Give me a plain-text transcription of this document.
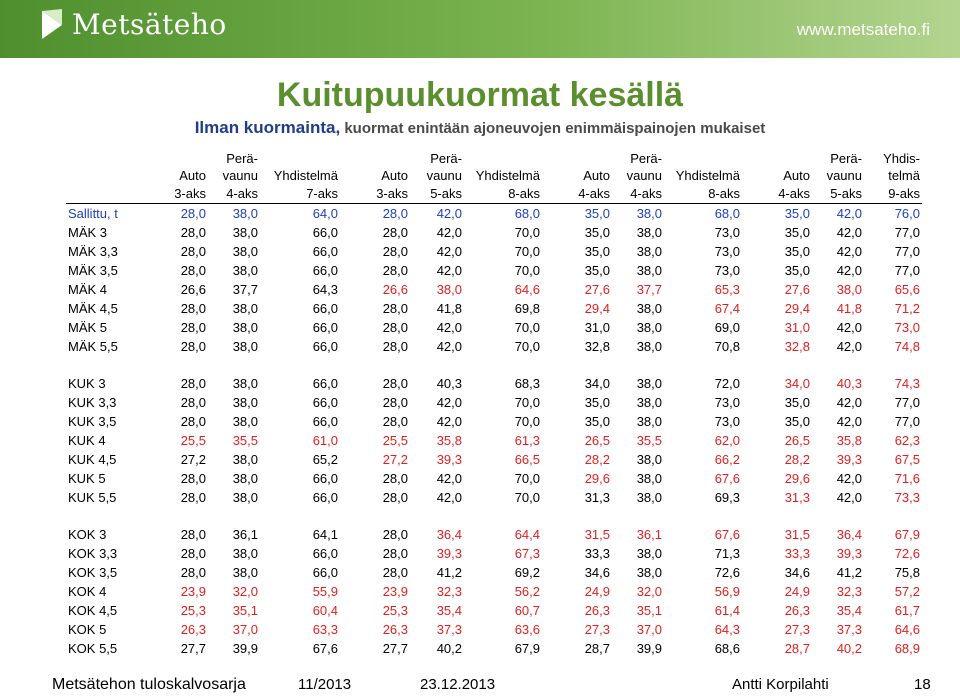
Metsäteho	www.metsateho.fi
Kuitupuukuormat kesällä
Ilman kuormainta, kuormat enintään ajoneuvojen enimmäispainojen mukaiset
		Perä-			Perä-			Perä-			Perä-	Yhdis-
	Auto	vaunu	Yhdistelmä	Auto	vaunu	Yhdistelmä	Auto	vaunu	Yhdistelmä	Auto	vaunu	telmä
	3-aks	4-aks	7-aks	3-aks	5-aks	8-aks	4-aks	4-aks	8-aks	4-aks	5-aks	9-aks
Sallittu, t	28,0	38,0	64,0	28,0	42,0	68,0	35,0	38,0	68,0	35,0	42,0	76,0
MÄK 3	28,0	38,0	66,0	28,0	42,0	70,0	35,0	38,0	73,0	35,0	42,0	77,0
MÄK 3,3	28,0	38,0	66,0	28,0	42,0	70,0	35,0	38,0	73,0	35,0	42,0	77,0
MÄK 3,5	28,0	38,0	66,0	28,0	42,0	70,0	35,0	38,0	73,0	35,0	42,0	77,0
MÄK 4	26,6	37,7	64,3	26,6	38,0	64,6	27,6	37,7	65,3	27,6	38,0	65,6
MÄK 4,5	28,0	38,0	66,0	28,0	41,8	69,8	29,4	38,0	67,4	29,4	41,8	71,2
MÄK 5	28,0	38,0	66,0	28,0	42,0	70,0	31,0	38,0	69,0	31,0	42,0	73,0
MÄK 5,5	28,0	38,0	66,0	28,0	42,0	70,0	32,8	38,0	70,8	32,8	42,0	74,8

KUK 3	28,0	38,0	66,0	28,0	40,3	68,3	34,0	38,0	72,0	34,0	40,3	74,3
KUK 3,3	28,0	38,0	66,0	28,0	42,0	70,0	35,0	38,0	73,0	35,0	42,0	77,0
KUK 3,5	28,0	38,0	66,0	28,0	42,0	70,0	35,0	38,0	73,0	35,0	42,0	77,0
KUK 4	25,5	35,5	61,0	25,5	35,8	61,3	26,5	35,5	62,0	26,5	35,8	62,3
KUK 4,5	27,2	38,0	65,2	27,2	39,3	66,5	28,2	38,0	66,2	28,2	39,3	67,5
KUK 5	28,0	38,0	66,0	28,0	42,0	70,0	29,6	38,0	67,6	29,6	42,0	71,6
KUK 5,5	28,0	38,0	66,0	28,0	42,0	70,0	31,3	38,0	69,3	31,3	42,0	73,3

KOK 3	28,0	36,1	64,1	28,0	36,4	64,4	31,5	36,1	67,6	31,5	36,4	67,9
KOK 3,3	28,0	38,0	66,0	28,0	39,3	67,3	33,3	38,0	71,3	33,3	39,3	72,6
KOK 3,5	28,0	38,0	66,0	28,0	41,2	69,2	34,6	38,0	72,6	34,6	41,2	75,8
KOK 4	23,9	32,0	55,9	23,9	32,3	56,2	24,9	32,0	56,9	24,9	32,3	57,2
KOK 4,5	25,3	35,1	60,4	25,3	35,4	60,7	26,3	35,1	61,4	26,3	35,4	61,7
KOK 5	26,3	37,0	63,3	26,3	37,3	63,6	27,3	37,0	64,3	27,3	37,3	64,6
KOK 5,5	27,7	39,9	67,6	27,7	40,2	67,9	28,7	39,9	68,6	28,7	40,2	68,9
Metsätehon tuloskalvosarja	11/2013	23.12.2013	Antti Korpilahti	18
